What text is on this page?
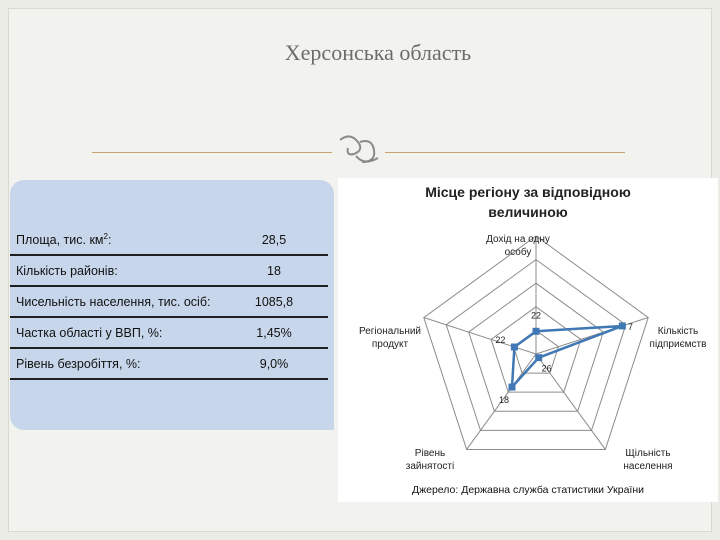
Херсонська область
Площа, тис. $км^2$:	28,5
Кількість районів:	18
Чисельність населення, тис. осіб:	1085,8
Частка області у ВВП, %:	1,45%
Рівень безробіття, %:	9,0%
Місце регіону за відповідною
величиною
22
7
26
18
22
Дохід на одну особу
Кількість підприємств
Щільність населення
Рівень зайнятості
Регіональний продукт
Джерело: Державна служба статистики України
